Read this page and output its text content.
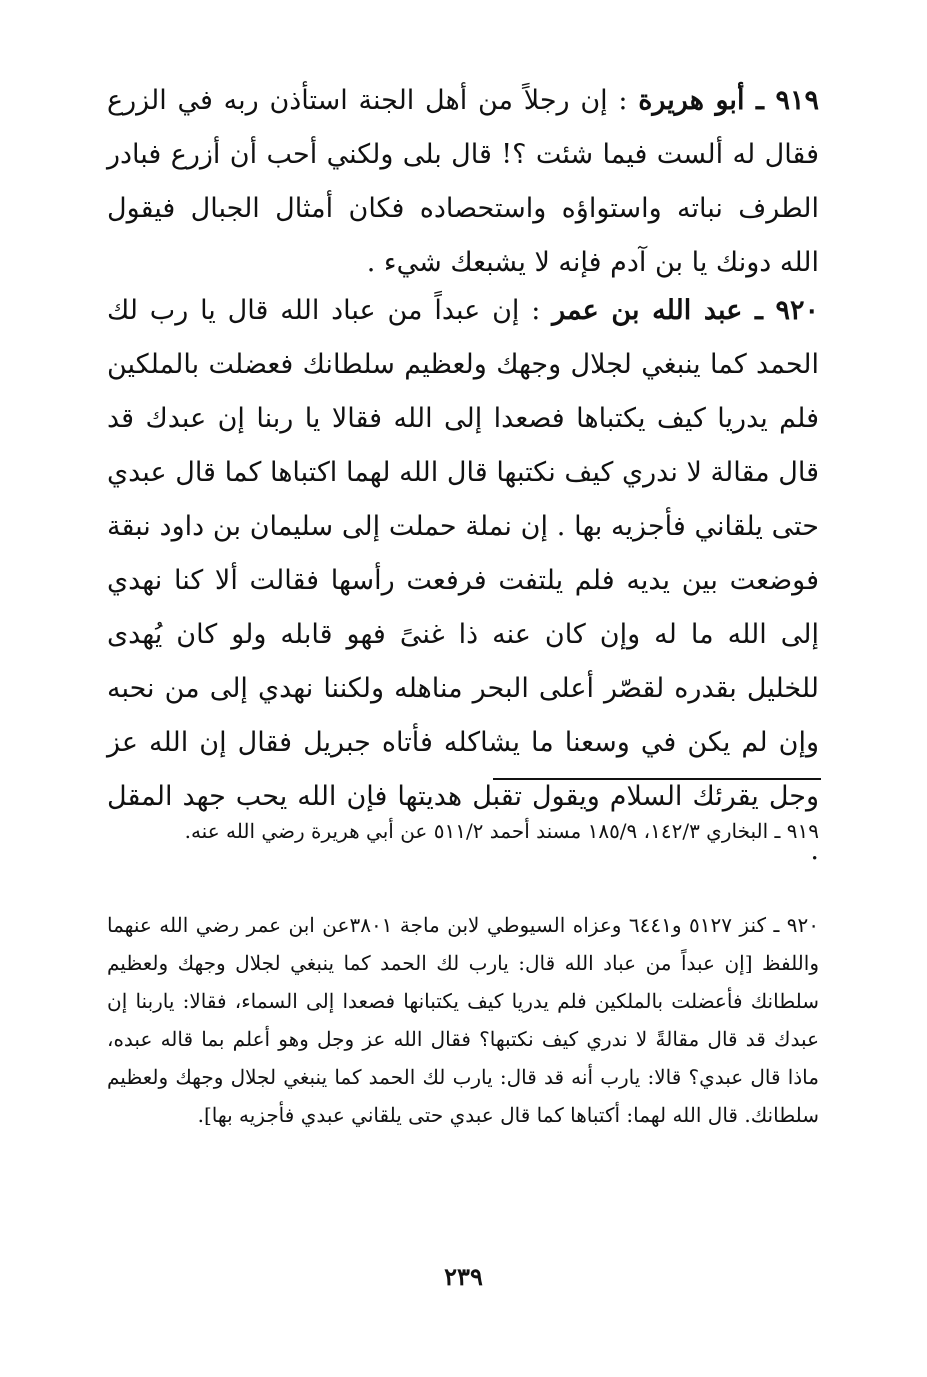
٩١٩ ـ أبو هريرة : إن رجلاً من أهل الجنة استأذن ربه في الزرع فقال له ألست فيما شئت ؟! قال بلى ولكني أحب أن أزرع فبادر الطرف نباته واستواؤه واستحصاده فكان أمثال الجبال فيقول الله دونك يا بن آدم فإنه لا يشبعك شيء .

٩٢٠ ـ عبد الله بن عمر : إن عبداً من عباد الله قال يا رب لك الحمد كما ينبغي لجلال وجهك ولعظيم سلطانك فعضلت بالملكين فلم يدريا كيف يكتباها فصعدا إلى الله فقالا يا ربنا إن عبدك قد قال مقالة لا ندري كيف نكتبها قال الله لهما اكتباها كما قال عبدي حتى يلقاني فأجزيه بها . إن نملة حملت إلى سليمان بن داود نبقة فوضعت بين يديه فلم يلتفت فرفعت رأسها فقالت ألا كنا نهدي إلى الله ما له وإن كان عنه ذا غنىً فهو قابله ولو كان يُهدى للخليل بقدره لقصّر أعلى البحر مناهله ولكننا نهدي إلى من نحبه وإن لم يكن في وسعنا ما يشاكله فأتاه جبريل فقال إن الله عز وجل يقرئك السلام ويقول تقبل هديتها فإن الله يحب جهد المقل .

٩١٩ ـ البخاري ١٤٢/٣، ١٨٥/٩ مسند أحمد ٥١١/٢ عن أبي هريرة رضي الله عنه.

٩٢٠ ـ كنز ٥١٢٧ و٦٤٤١ وعزاه السيوطي لابن ماجة ٣٨٠١عن ابن عمر رضي الله عنهما واللفظ [إن عبداً من عباد الله قال: يارب لك الحمد كما ينبغي لجلال وجهك ولعظيم سلطانك فأعضلت بالملكين فلم يدريا كيف يكتبانها فصعدا إلى السماء، فقالا: ياربنا إن عبدك قد قال مقالةً لا ندري كيف نكتبها؟ فقال الله عز وجل وهو أعلم بما قاله عبده، ماذا قال عبدي؟ قالا: يارب أنه قد قال: يارب لك الحمد كما ينبغي لجلال وجهك ولعظيم سلطانك. قال الله لهما: أكتباها كما قال عبدي حتى يلقاني عبدي فأجزيه بها].

٢٣٩
